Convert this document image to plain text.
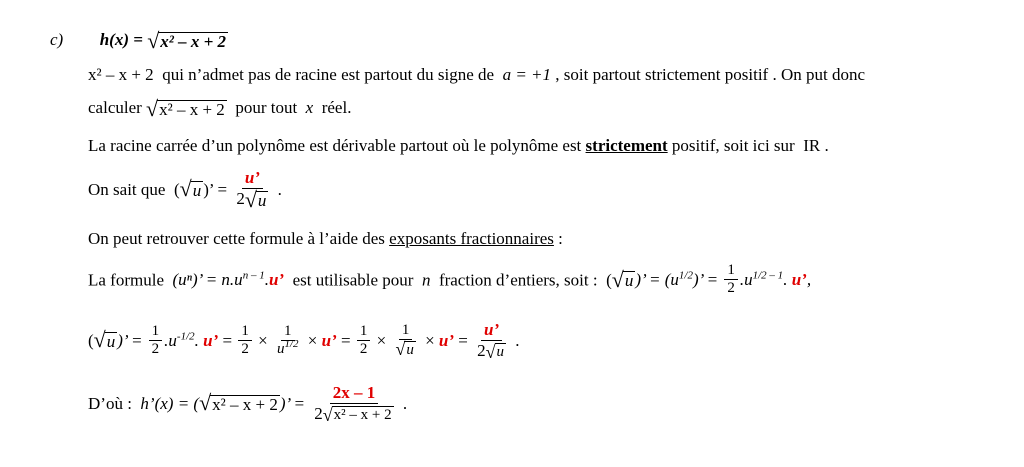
c) h(x) = √ x² – x + 2
x² – x + 2 qui n’admet pas de racine est partout du signe de a = +1 , soit partout strictement positif . On put donc
calculer √ x² – x + 2 pour tout x réel.
La racine carrée d’un polynôme est dérivable partout où le polynôme est strictement positif, soit ici sur IR .
On sait que ( √ u )’ = $\frac{u’}{2 √ u}$ .
On peut retrouver cette formule à l’aide des exposants fractionnaires :
La formule (uⁿ)’ = $n.u^{n - 1}.u$’ est utilisable pour n fraction d’entiers, soit : ( √ u )’ = $(u^{1/2})$’ = $\frac{1}{2} .u^{1/2 - 1}$. u’,
( √ u )’ = $\frac{1}{2} .u^{-1/2}$. u’ = $\frac{1}{2} \times \frac{1}{u^{1/2}} \times u$’ = $\frac{1}{2} \times \frac{1}{√ u} \times u$’ = $\frac{u’}{2 √ u}$ .
D’où : h’(x) = ( √ x² – x + 2 )’ = $\frac{2x - 1}{\text{2 √ x² – x + 2}}$ .
